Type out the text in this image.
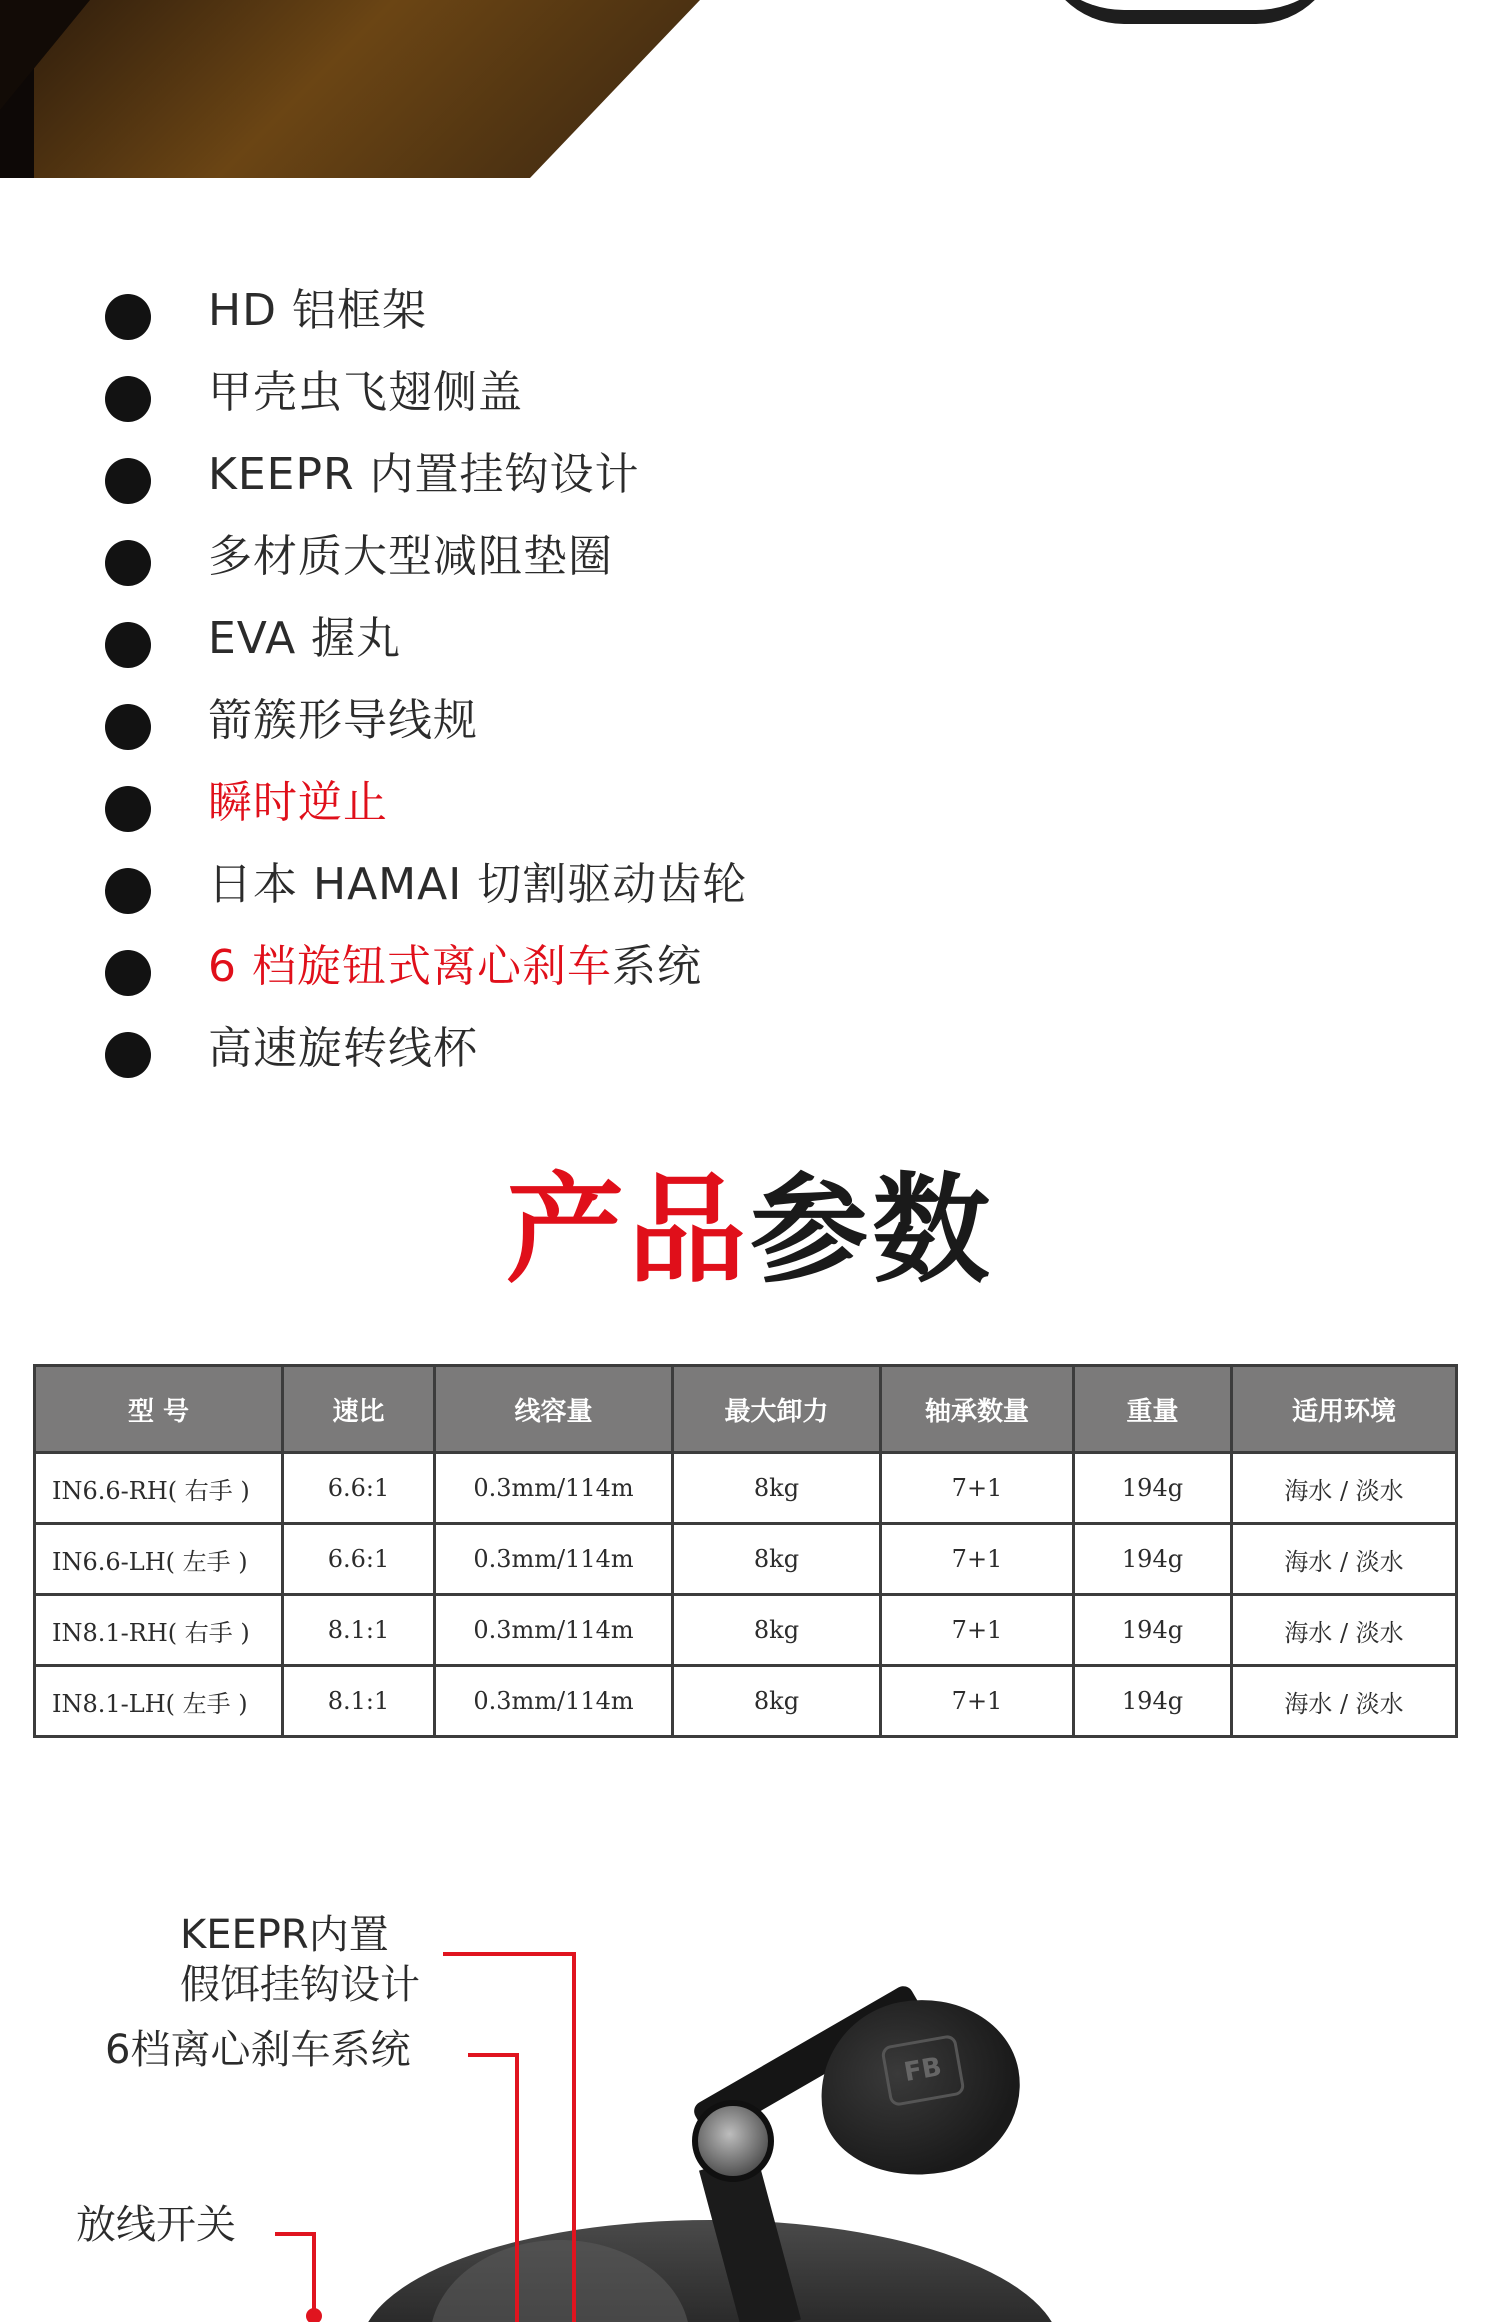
HD 铝框架
甲壳虫飞翅侧盖
KEEPR 内置挂钩设计
多材质大型减阻垫圈
EVA 握丸
箭簇形导线规
瞬时逆止
日本 HAMAI 切割驱动齿轮
6 档旋钮式离心刹车系统
高速旋转线杯
产品参数
型 号	速比	线容量	最大卸力	轴承数量	重量	适用环境
IN6.6-RH( 右手 )	6.6:1	0.3mm/114m	8kg	7+1	194g	海水 / 淡水
IN6.6-LH( 左手 )	6.6:1	0.3mm/114m	8kg	7+1	194g	海水 / 淡水
IN8.1-RH( 右手 )	8.1:1	0.3mm/114m	8kg	7+1	194g	海水 / 淡水
IN8.1-LH( 左手 )	8.1:1	0.3mm/114m	8kg	7+1	194g	海水 / 淡水
FB
KEEPR内置
假饵挂钩设计
6档离心刹车系统
放线开关
